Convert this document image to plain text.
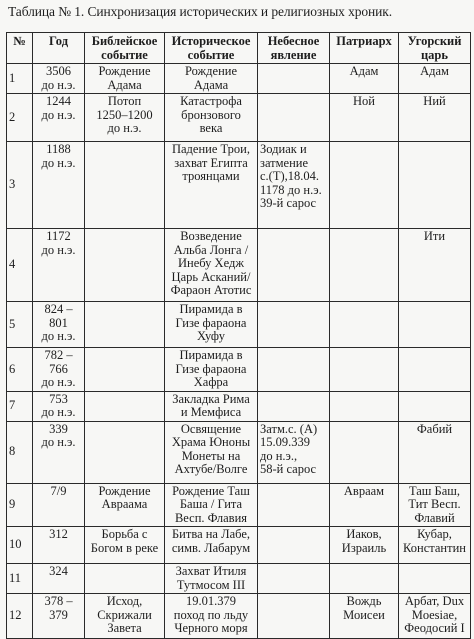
Таблица № 1. Синхронизация исторических и религиозных хроник.
№	Год	Библейское
событие	Историческое
событие	Небесное
явление	Патриарх	Угорский
царь
1	3506
до н.э.	Рождение
Адама	Рождение
Адама		Адам	Адам
2	1244
до н.э.	Потоп
1250–1200
до н.э.	Катастрофа
бронзового
века		Ной	Ний
3	1188
до н.э.		Падение Трои,
захват Египта
троянцами	Зодиак и
затмение
с.(Т),18.04.
1178 до н.э.
39-й сарос		
4	1172
до н.э.		Возведение
Альба Лонга /
Инебу Хедж
Царь Асканий/
Фараон Атотис			Ити
5	824 –
801
до н.э.		Пирамида в
Гизе фараона
Хуфу			
6	782 –
766
до н.э.		Пирамида в
Гизе фараона
Хафра			
7	753
до н.э.		Закладка Рима
и Мемфиса			
8	339
до н.э.		Освящение
Храма Юноны
Монеты на
Ахтубе/Волге	Затм.с. (А)
15.09.339
до н.э.,
58-й сарос		Фабий
9	7/9	Рождение
Авраама	Рождение Таш
Баша / Гита
Весп. Флавия		Авраам	Таш Баш,
Тит Весп.
Флавий
10	312	Борьба с
Богом в реке	Битва на Лабе,
симв. Лабарум		Иаков,
Израиль	Кубар,
Константин
11	324		Захват Итиля
Тутмосом III			
12	378 –
379	Исход,
Скрижали
Завета	19.01.379
поход по льду
Черного моря		Вождь
Моисеи	Арбат, Dux
Moesiae,
Феодосий I
